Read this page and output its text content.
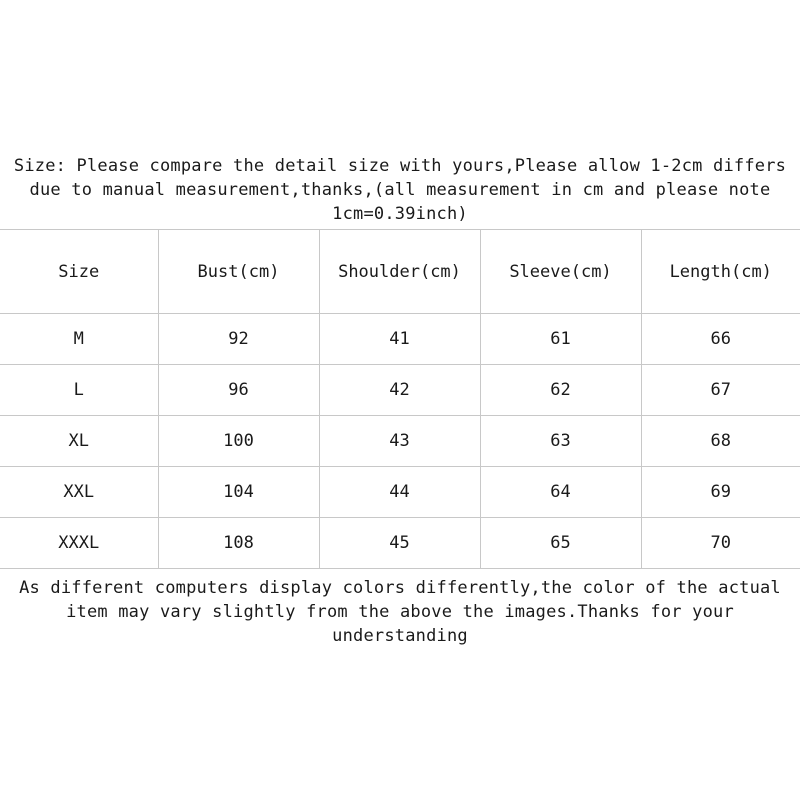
Size: Please compare the detail size with yours,Please allow 1-2cm differs
due to manual measurement,thanks,(all measurement in cm and please note
1cm=0.39inch)
Size	Bust(cm)	Shoulder(cm)	Sleeve(cm)	Length(cm)
M	92	41	61	66
L	96	42	62	67
XL	100	43	63	68
XXL	104	44	64	69
XXXL	108	45	65	70
As different computers display colors differently,the color of the actual
item may vary slightly from the above the images.Thanks for your
understanding
